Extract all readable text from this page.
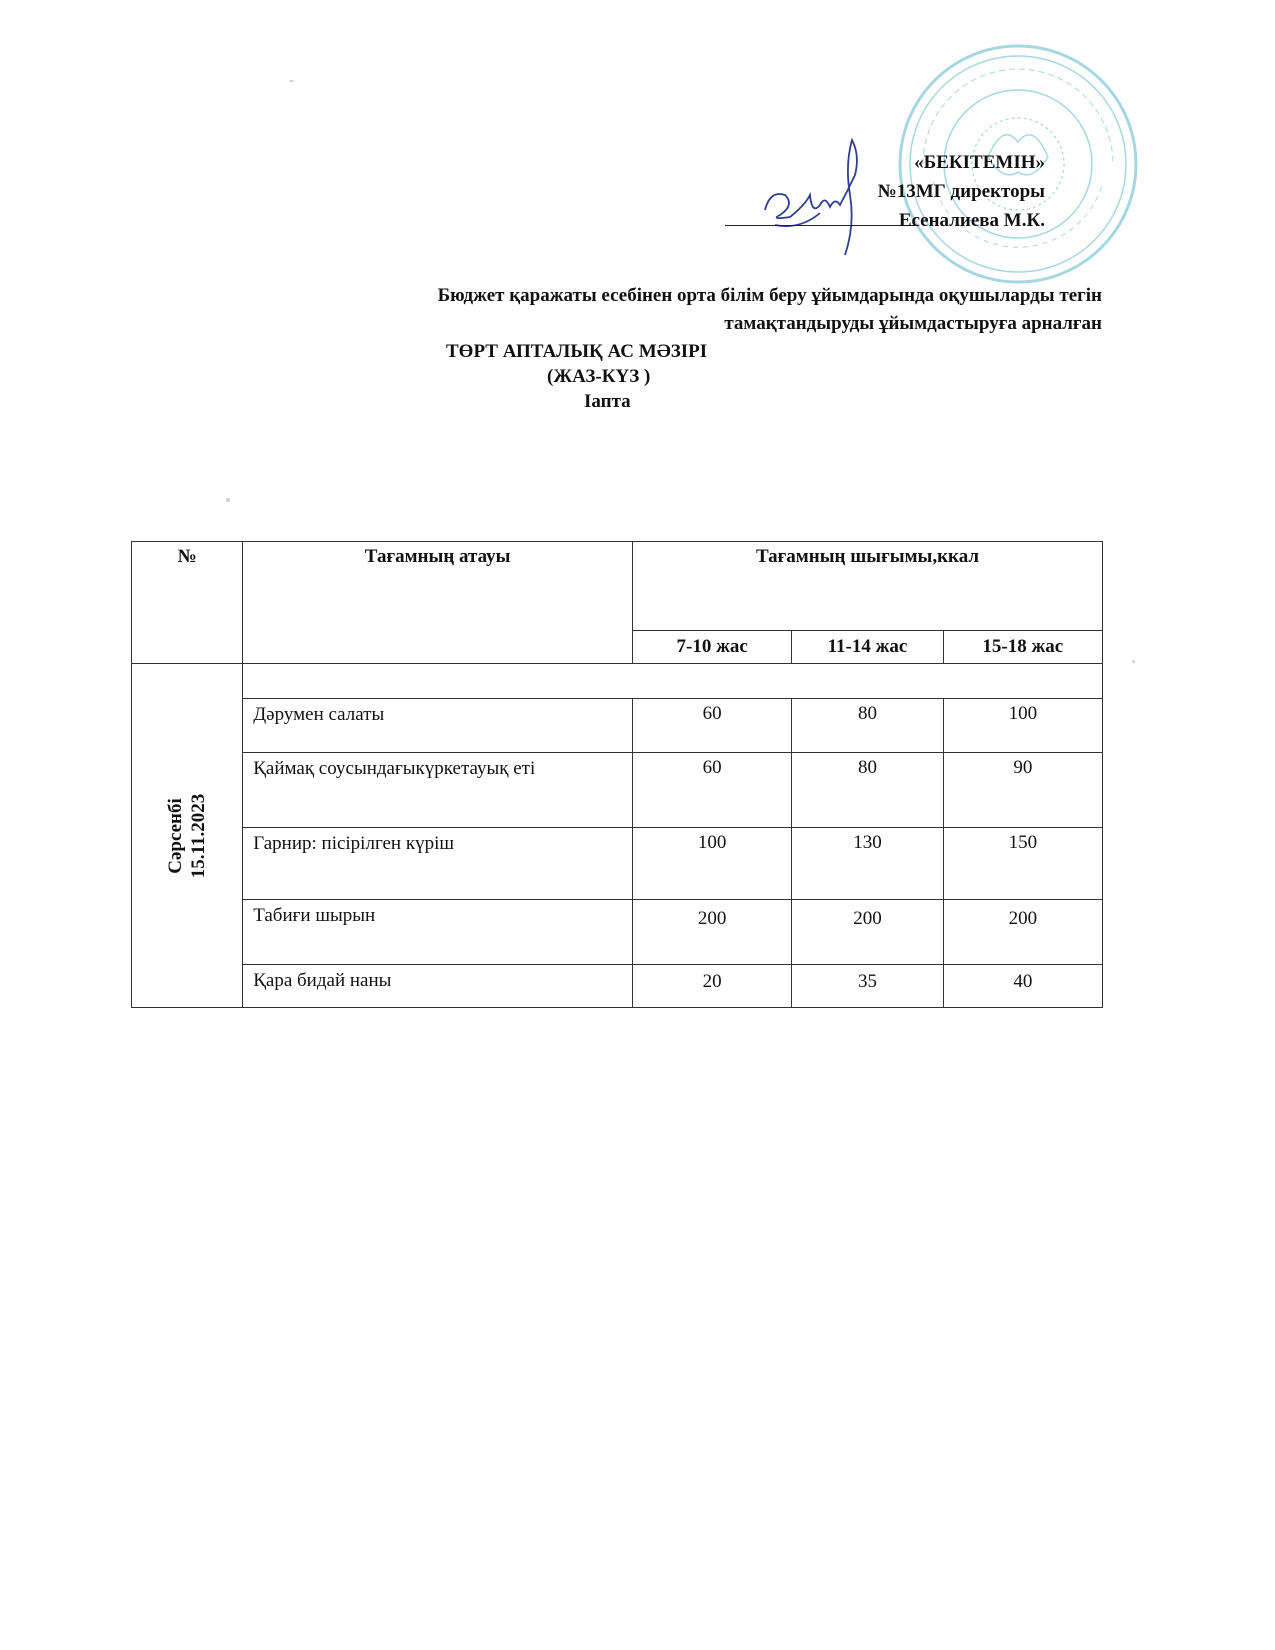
«БЕКІТЕМІН»
№13МГ директоры
Есеналиева М.К.
Бюджет қаражаты есебінен орта білім беру ұйымдарында оқушыларды тегін
тамақтандыруды ұйымдастыруға арналған
ТӨРТ АПТАЛЫҚ АС МӘЗІРІ
(ЖАЗ-КҮЗ )
Іапта
№	Тағамның атауы	Тағамның шығымы,ккал		
		7-10 жас	11-14 жас	15-18 жас

Сәрсенбі 15.11.2023				

	Дәрумен салаты	60	80	100
	Қаймақ соусындағыкүркетауық еті	60	80	90
	Гарнир: пісірілген күріш	100	130	150
	Табиғи шырын	200	200	200
	Қара бидай наны	20	35	40
